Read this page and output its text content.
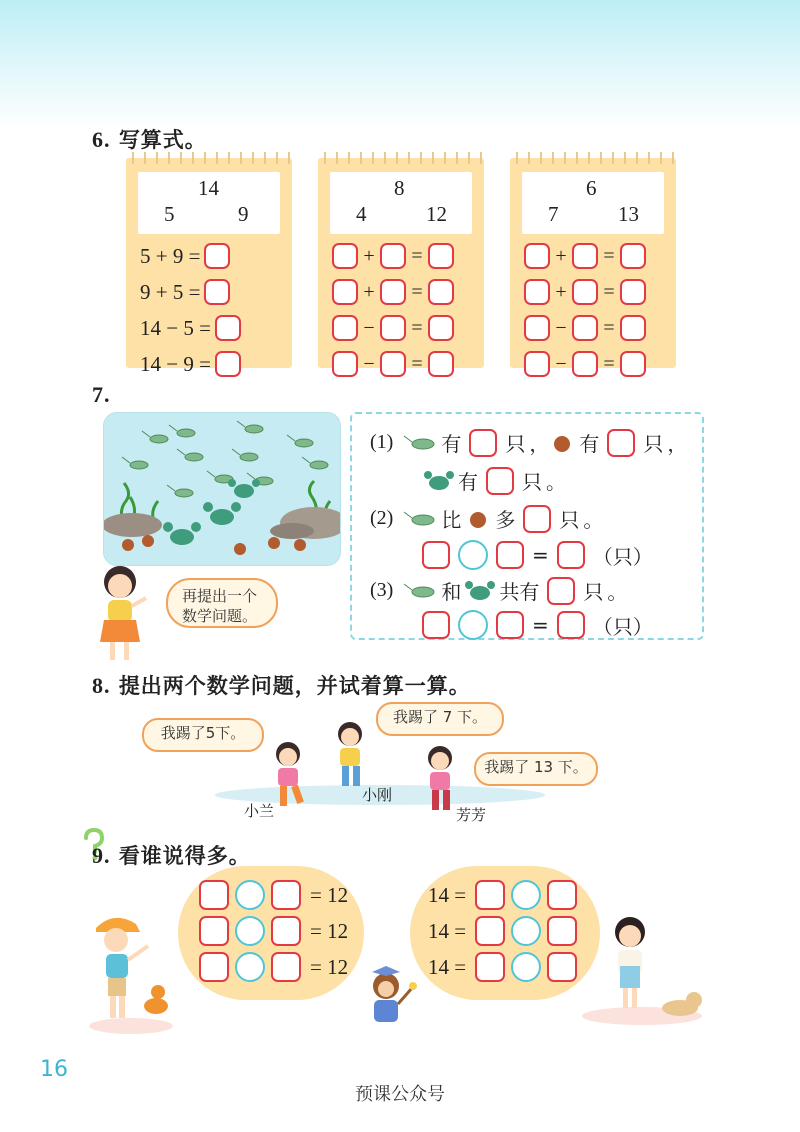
6. 写算式。
14
5	9
5 + 9 =
9 + 5 =
14 − 5 =
14 − 9 =
8
4	12
+ =
+ =
− =
− =
6
7	13
+ =
+ =
− =
− =
7.
(1) 有 只 ， 有 只 ，
有 只 。
(2) 比 多 只 。
= （只）
(3) 和 共有 只 。
= （只）
再提出一个
数学问题。
8. 提出两个数学问题，并试着算一算。
我踢了5下。
我踢了 7 下。
我踢了 13 下。
小兰
小刚
芳芳
9. 看谁说得多。
= 12
= 12
= 12
14 =
14 =
14 =
16
预课公众号
